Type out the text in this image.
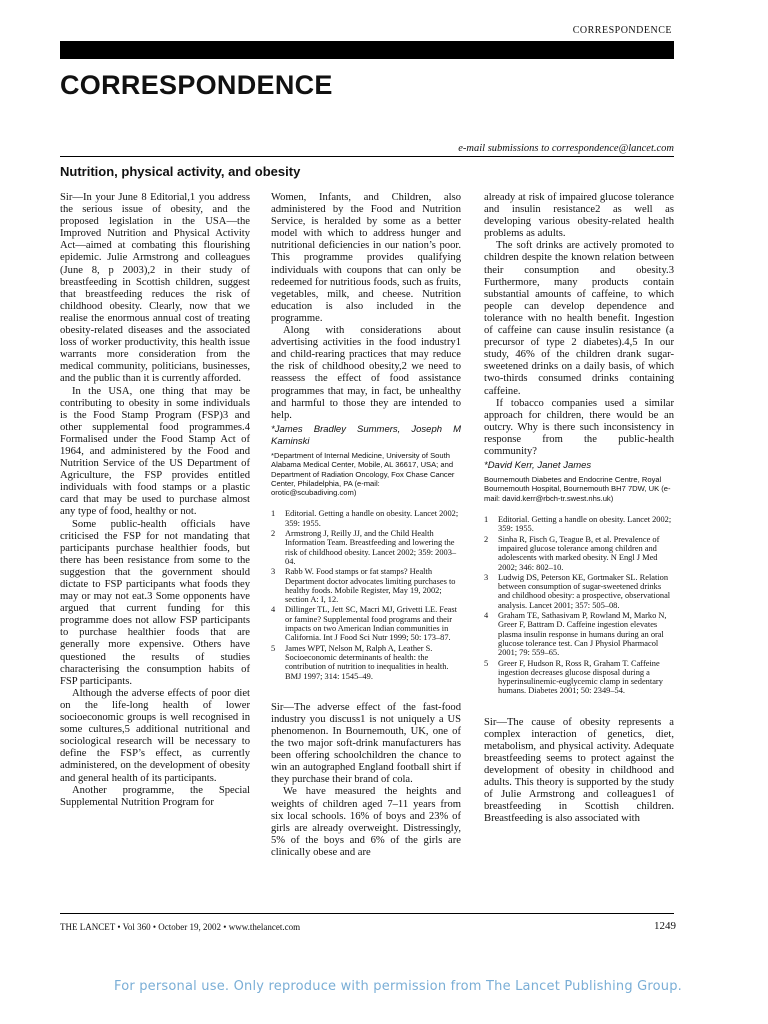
CORRESPONDENCE
CORRESPONDENCE
e-mail submissions to correspondence@lancet.com
Nutrition, physical activity, and obesity

Sir—In your June 8 Editorial,1 you address the serious issue of obesity, and the proposed legislation in the USA—the Improved Nutrition and Physical Activity Act—aimed at combating this flourishing epidemic. Julie Armstrong and colleagues (June 8, p 2003),2 in their study of breastfeeding in Scottish children, suggest that breastfeeding reduces the risk of childhood obesity. Clearly, now that we realise the enormous annual cost of treating obesity-related diseases and the associated loss of worker productivity, this health issue warrants more consideration from the medical community, politicians, businesses, and the public than it is currently afforded.

In the USA, one thing that may be contributing to obesity in some individuals is the Food Stamp Program (FSP)3 and other supplemental food programmes.4 Formalised under the Food Stamp Act of 1964, and administered by the Food and Nutrition Service of the US Department of Agriculture, the FSP provides entitled individuals with food stamps or a plastic card that may be used to purchase almost any type of food, healthy or not.

Some public-health officials have criticised the FSP for not mandating that participants purchase healthier foods, but there has been resistance from some to the suggestion that the government should dictate to FSP participants what foods they may or may not eat.3 Some opponents have argued that current funding for this programme does not allow FSP participants to purchase healthier foods that are generally more expensive. Others have questioned the results of studies characterising the consumption habits of FSP participants.

Although the adverse effects of poor diet on the life-long health of lower socioeconomic groups is well recognised in some cultures,5 additional nutritional and sociological research will be necessary to define the FSP’s effect, as currently administered, on the development of obesity and general health of its participants.

Another programme, the Special Supplemental Nutrition Program for

Women, Infants, and Children, also administered by the Food and Nutrition Service, is heralded by some as a better model with which to address hunger and nutritional deficiencies in our nation’s poor. This programme provides qualifying individuals with coupons that can only be redeemed for nutritious foods, such as fruits, vegetables, milk, and cheese. Nutrition education is also included in the programme.

Along with considerations about advertising activities in the food industry1 and child-rearing practices that may reduce the risk of childhood obesity,2 we need to reassess the effect of food assistance programmes that may, in fact, be unhealthy and harmful to those they are intended to help.

*James Bradley Summers, Joseph M Kaminski

*Department of Internal Medicine, University of South Alabama Medical Center, Mobile, AL 36617, USA; and Department of Radiation Oncology, Fox Chase Cancer Center, Philadelphia, PA (e-mail: orotic@scubadiving.com)

1 Editorial. Getting a handle on obesity. Lancet 2002; 359: 1955.
2 Armstrong J, Reilly JJ, and the Child Health Information Team. Breastfeeding and lowering the risk of childhood obesity. Lancet 2002; 359: 2003–04.
3 Rabb W. Food stamps or fat stamps? Health Department doctor advocates limiting purchases to healthy foods. Mobile Register, May 19, 2002; section A: I, 12.
4 Dillinger TL, Jett SC, Macri MJ, Grivetti LE. Feast or famine? Supplemental food programs and their impacts on two American Indian communities in California. Int J Food Sci Nutr 1999; 50: 173–87.
5 James WPT, Nelson M, Ralph A, Leather S. Socioeconomic determinants of health: the contribution of nutrition to inequalities in health. BMJ 1997; 314: 1545–49.

Sir—The adverse effect of the fast-food industry you discuss1 is not uniquely a US phenomenon. In Bournemouth, UK, one of the two major soft-drink manufacturers has been offering schoolchildren the chance to win an autographed England football shirt if they purchase their brand of cola.

We have measured the heights and weights of children aged 7–11 years from six local schools. 16% of boys and 23% of girls are already overweight. Distressingly, 5% of the boys and 6% of the girls are clinically obese and are

already at risk of impaired glucose tolerance and insulin resistance2 as well as developing various obesity-related health problems as adults.

The soft drinks are actively promoted to children despite the known relation between their consumption and obesity.3 Furthermore, many products contain substantial amounts of caffeine, to which people can develop dependence and tolerance with no health benefit. Ingestion of caffeine can cause insulin resistance (a precursor of type 2 diabetes).4,5 In our study, 46% of the children drank sugar-sweetened drinks on a daily basis, of which two-thirds consumed drinks containing caffeine.

If tobacco companies used a similar approach for children, there would be an outcry. Why is there such inconsistency in response from the public-health community?

*David Kerr, Janet James

Bournemouth Diabetes and Endocrine Centre, Royal Bournemouth Hospital, Bournemouth BH7 7DW, UK (e-mail: david.kerr@rbch-tr.swest.nhs.uk)

1 Editorial. Getting a handle on obesity. Lancet 2002; 359: 1955.
2 Sinha R, Fisch G, Teague B, et al. Prevalence of impaired glucose tolerance among children and adolescents with marked obesity. N Engl J Med 2002; 346: 802–10.
3 Ludwig DS, Peterson KE, Gortmaker SL. Relation between consumption of sugar-sweetened drinks and childhood obesity: a prospective, observational analysis. Lancet 2001; 357: 505–08.
4 Graham TE, Sathasivam P, Rowland M, Marko N, Greer F, Battram D. Caffeine ingestion elevates plasma insulin response in humans during an oral glucose tolerance test. Can J Physiol Pharmacol 2001; 79: 559–65.
5 Greer F, Hudson R, Ross R, Graham T. Caffeine ingestion decreases glucose disposal during a hyperinsulinemic-euglycemic clamp in sedentary humans. Diabetes 2001; 50: 2349–54.

Sir—The cause of obesity represents a complex interaction of genetics, diet, metabolism, and physical activity. Adequate breastfeeding seems to protect against the development of obesity in childhood and adults. This theory is supported by the study of Julie Armstrong and colleagues1 of breastfeeding in Scottish children. Breastfeeding is also associated with

THE LANCET • Vol 360 • October 19, 2002 • www.thelancet.com	1249
For personal use. Only reproduce with permission from The Lancet Publishing Group.
